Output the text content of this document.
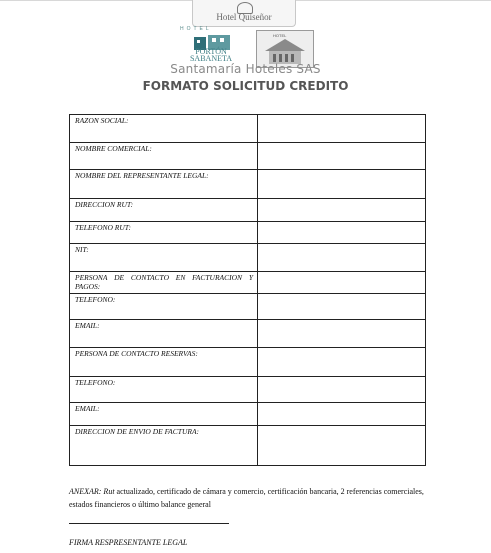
Hotel Quiseñor
HOTEL
PORTÓN SABANETA
HOTEL
Santamaría Hoteles SAS
FORMATO SOLICITUD CREDITO
RAZON SOCIAL:	
NOMBRE COMERCIAL:	
NOMBRE DEL REPRESENTANTE LEGAL:	
DIRECCION RUT:	
TELEFONO RUT:	
NIT:	
PERSONA DE CONTACTO EN FACTURACION Y PAGOS:	
TELEFONO:	
EMAIL:	
PERSONA DE CONTACTO RESERVAS:	
TELEFONO:	
EMAIL:	
DIRECCION DE ENVIO DE FACTURA:	
ANEXAR: Rut actualizado, certificado de cámara y comercio, certificación bancaria, 2 referencias comerciales, estados financieros o último balance general
FIRMA RESPRESENTANTE LEGAL
